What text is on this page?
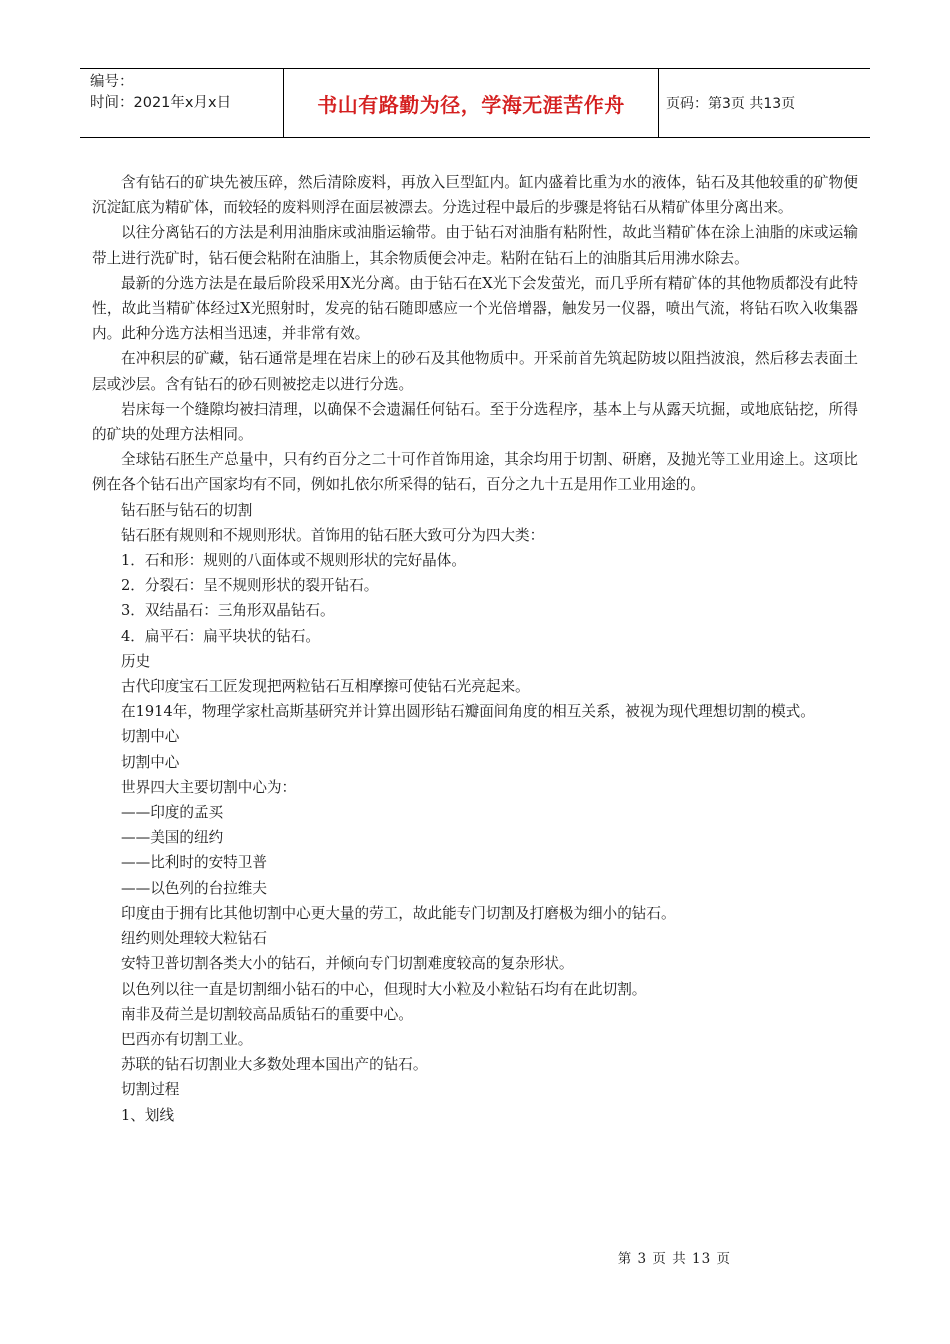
编号：
时间：2021年x月x日	书山有路勤为径，学海无涯苦作舟	页码：第3页 共13页

含有钻石的矿块先被压碎，然后清除废料，再放入巨型缸内。缸内盛着比重为水的液体，钻石及其他较重的矿物便沉淀缸底为精矿体，而较轻的废料则浮在面层被漂去。分选过程中最后的步骤是将钻石从精矿体里分离出来。

以往分离钻石的方法是利用油脂床或油脂运输带。由于钻石对油脂有粘附性，故此当精矿体在涂上油脂的床或运输带上进行洗矿时，钻石便会粘附在油脂上，其余物质便会冲走。粘附在钻石上的油脂其后用沸水除去。

最新的分选方法是在最后阶段采用X光分离。由于钻石在X光下会发萤光，而几乎所有精矿体的其他物质都没有此特性，故此当精矿体经过X光照射时，发亮的钻石随即感应一个光倍增器，触发另一仪器，喷出气流，将钻石吹入收集器内。此种分选方法相当迅速，并非常有效。

在冲积层的矿藏，钻石通常是埋在岩床上的砂石及其他物质中。开采前首先筑起防坡以阻挡波浪，然后移去表面土层或沙层。含有钻石的砂石则被挖走以进行分选。

岩床每一个缝隙均被扫清理，以确保不会遗漏任何钻石。至于分选程序，基本上与从露天坑掘，或地底钻挖，所得的矿块的处理方法相同。

全球钻石胚生产总量中，只有约百分之二十可作首饰用途，其余均用于切割、研磨，及抛光等工业用途上。这项比例在各个钻石出产国家均有不同，例如扎依尔所采得的钻石，百分之九十五是用作工业用途的。

钻石胚与钻石的切割

钻石胚有规则和不规则形状。首饰用的钻石胚大致可分为四大类：

1．石和形：规则的八面体或不规则形状的完好晶体。

2．分裂石：呈不规则形状的裂开钻石。

3．双结晶石：三角形双晶钻石。

4．扁平石：扁平块状的钻石。

历史

古代印度宝石工匠发现把两粒钻石互相摩擦可使钻石光亮起来。

在1914年，物理学家杜高斯基研究并计算出圆形钻石瓣面间角度的相互关系，被视为现代理想切割的模式。

切割中心

切割中心

世界四大主要切割中心为：

——印度的孟买

——美国的纽约

——比利时的安特卫普

——以色列的台拉维夫

印度由于拥有比其他切割中心更大量的劳工，故此能专门切割及打磨极为细小的钻石。

纽约则处理较大粒钻石

安特卫普切割各类大小的钻石，并倾向专门切割难度较高的复杂形状。

以色列以往一直是切割细小钻石的中心，但现时大小粒及小粒钻石均有在此切割。

南非及荷兰是切割较高品质钻石的重要中心。

巴西亦有切割工业。

苏联的钻石切割业大多数处理本国出产的钻石。

切割过程

1、划线

第 3 页 共 13 页
